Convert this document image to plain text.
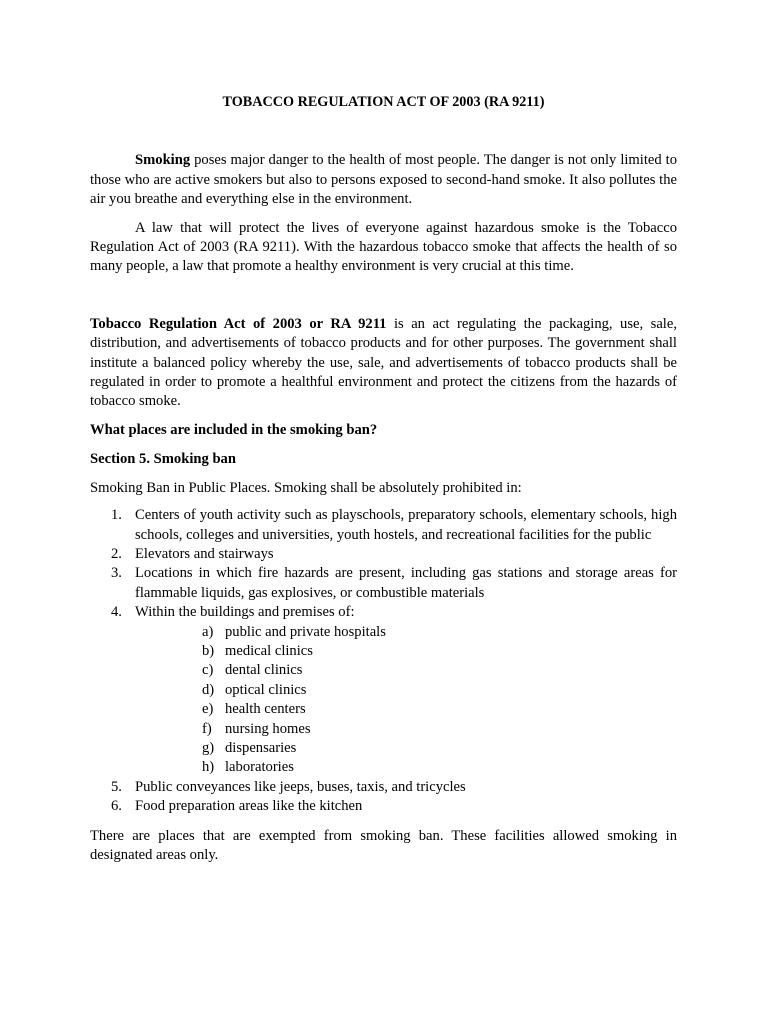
TOBACCO REGULATION ACT OF 2003 (RA 9211)

Smoking poses major danger to the health of most people. The danger is not only limited to those who are active smokers but also to persons exposed to second-hand smoke. It also pollutes the air you breathe and everything else in the environment.

A law that will protect the lives of everyone against hazardous smoke is the Tobacco Regulation Act of 2003 (RA 9211). With the hazardous tobacco smoke that affects the health of so many people, a law that promote a healthy environment is very crucial at this time.

Tobacco Regulation Act of 2003 or RA 9211 is an act regulating the packaging, use, sale, distribution, and advertisements of tobacco products and for other purposes. The government shall institute a balanced policy whereby the use, sale, and advertisements of tobacco products shall be regulated in order to promote a healthful environment and protect the citizens from the hazards of tobacco smoke.

What places are included in the smoking ban?

Section 5. Smoking ban

Smoking Ban in Public Places. Smoking shall be absolutely prohibited in:

1. Centers of youth activity such as playschools, preparatory schools, elementary schools, high schools, colleges and universities, youth hostels, and recreational facilities for the public
2. Elevators and stairways
3. Locations in which fire hazards are present, including gas stations and storage areas for flammable liquids, gas explosives, or combustible materials
4. Within the buildings and premises of:
a) public and private hospitals
b) medical clinics
c) dental clinics
d) optical clinics
e) health centers
f) nursing homes
g) dispensaries
h) laboratories
5. Public conveyances like jeeps, buses, taxis, and tricycles
6. Food preparation areas like the kitchen

There are places that are exempted from smoking ban. These facilities allowed smoking in designated areas only.
